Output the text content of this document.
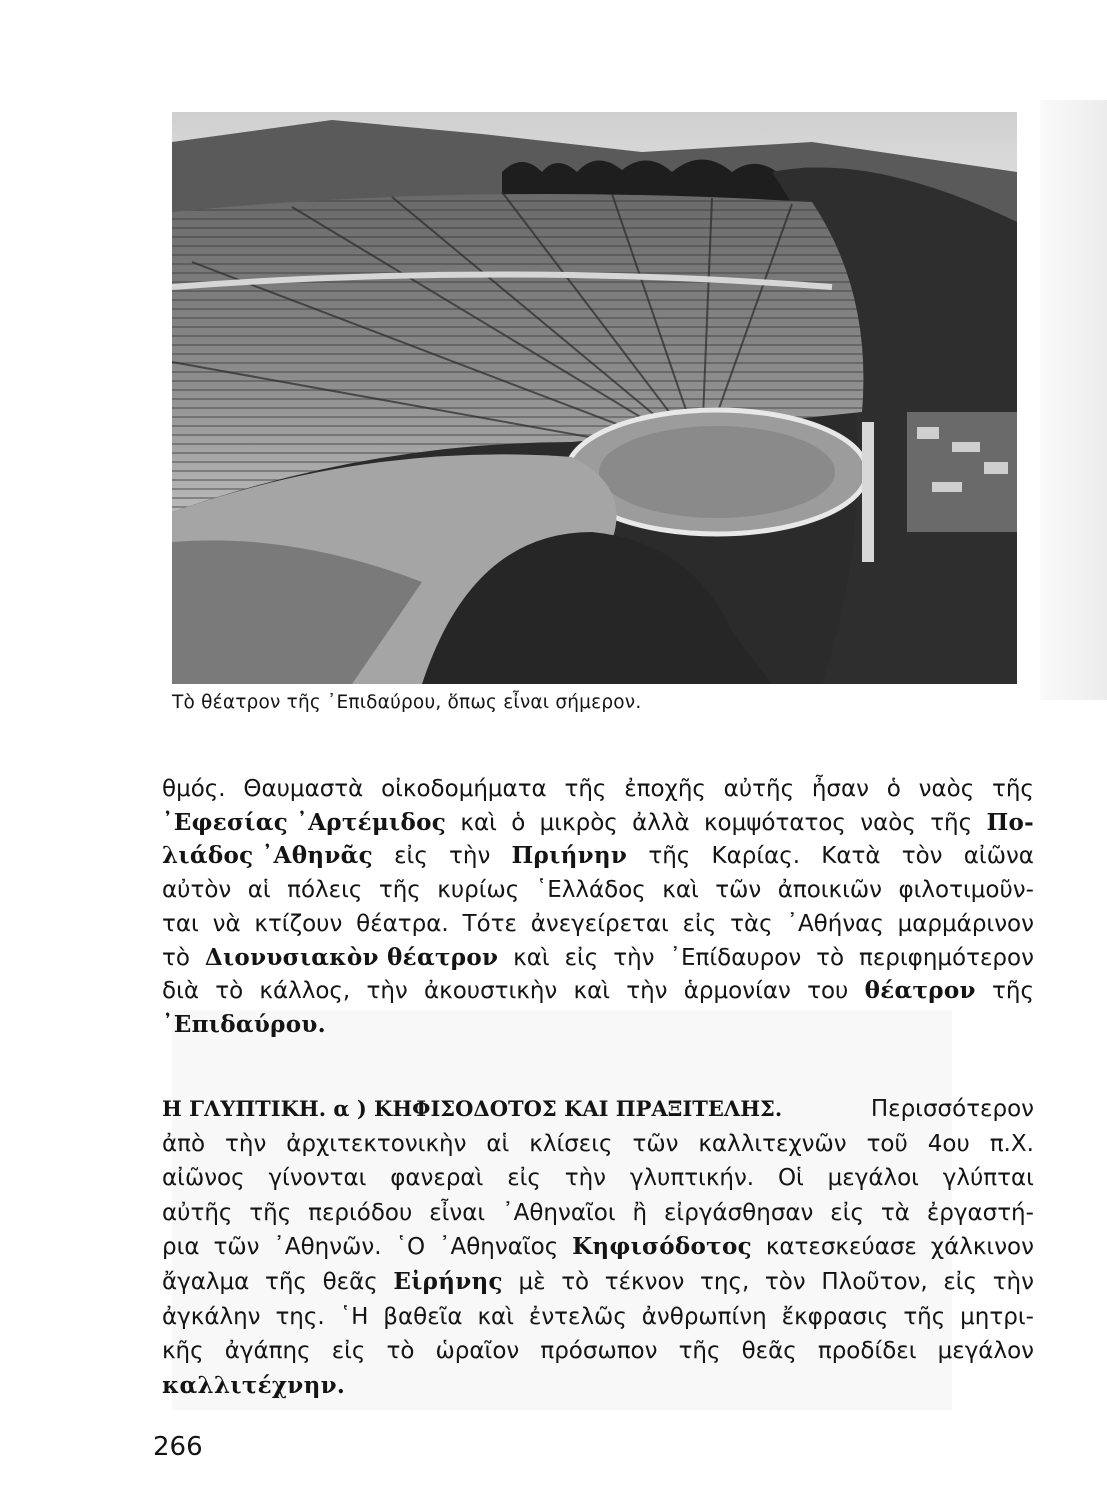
Τὸ θέατρον τῆς ᾿Επιδαύρου, ὅπως εἶναι σήμερον.
θμός. Θαυμαστὰ οἰκοδομήματα τῆς ἐποχῆς αὐτῆς ἦσαν ὁ ναὸς τῆς
᾿Εφεσίας ᾿Αρτέμιδος καὶ ὁ μικρὸς ἀλλὰ κομψότατος ναὸς τῆς Πο-
λιάδος ᾿Αθηνᾶς εἰς τὴν Πριήνην τῆς Καρίας. Κατὰ τὸν αἰῶνα
αὐτὸν αἱ πόλεις τῆς κυρίως ῾Ελλάδος καὶ τῶν ἀποικιῶν φιλοτιμοῦν-
ται νὰ κτίζουν θέατρα. Τότε ἀνεγείρεται εἰς τὰς ᾿Αθήνας μαρμάρινον
τὸ Διονυσιακὸν θέατρον καὶ εἰς τὴν ᾿Επίδαυρον τὸ περιφημότερον
διὰ τὸ κάλλος, τὴν ἀκουστικὴν καὶ τὴν ἁρμονίαν του θέατρον τῆς
᾿Επιδαύρου.
Η ΓΛΥΠΤΙΚΗ. α ) ΚΗΦΙΣΟΔΟΤΟΣ ΚΑΙ ΠΡΑΞΙΤΕΛΗΣ.	Περισσότερον
ἀπὸ τὴν ἀρχιτεκτονικὴν αἱ κλίσεις τῶν καλλιτεχνῶν τοῦ 4ου π.Χ.
αἰῶνος γίνονται φανεραὶ εἰς τὴν γλυπτικήν. Οἱ μεγάλοι γλύπται
αὐτῆς τῆς περιόδου εἶναι ᾿Αθηναῖοι ἢ εἰργάσθησαν εἰς τὰ ἐργαστή-
ρια τῶν ᾿Αθηνῶν. ῾Ο ᾿Αθηναῖος Κηφισόδοτος κατεσκεύασε χάλκινον
ἄγαλμα τῆς θεᾶς Εἰρήνης μὲ τὸ τέκνον της, τὸν Πλοῦτον, εἰς τὴν
ἀγκάλην της. ῾Η βαθεῖα καὶ ἐντελῶς ἀνθρωπίνη ἔκφρασις τῆς μητρι-
κῆς ἀγάπης εἰς τὸ ὡραῖον πρόσωπον τῆς θεᾶς προδίδει μεγάλον
καλλιτέχνην.
266
